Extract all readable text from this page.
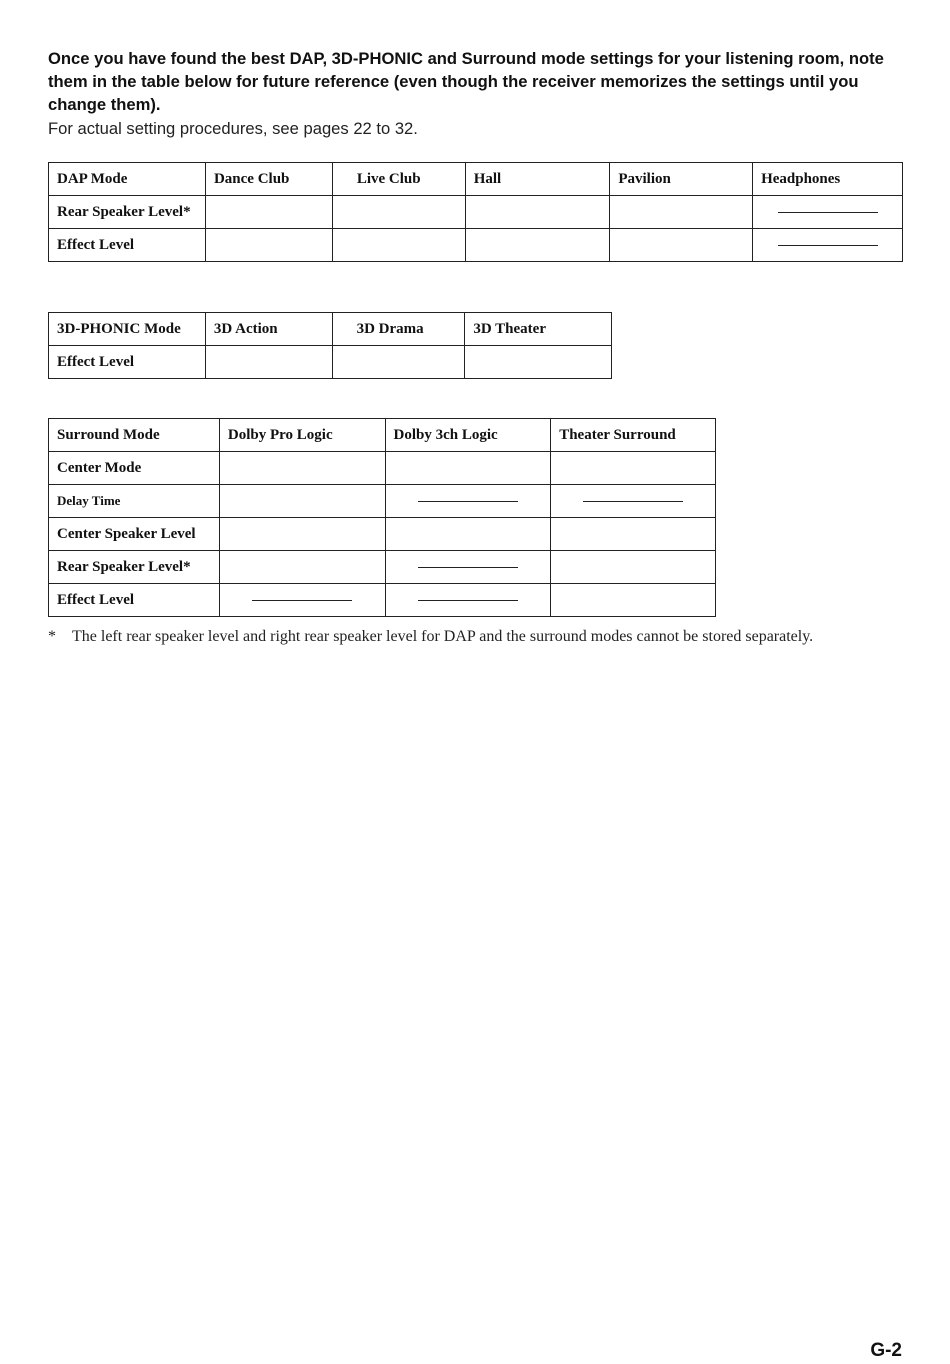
Once you have found the best DAP, 3D-PHONIC and Surround mode settings for your listening room, note them in the table below for future reference (even though the receiver memorizes the settings until you change them).

For actual setting procedures, see pages 22 to 32.

DAP Mode	Dance Club	Live Club	Hall	Pavilion	Headphones
Rear Speaker Level*					
Effect Level					
3D-PHONIC Mode	3D Action	3D Drama	3D Theater
Effect Level			
Surround Mode	Dolby Pro Logic	Dolby 3ch Logic	Theater Surround
Center Mode			
Delay Time			
Center Speaker Level			
Rear Speaker Level*			
Effect Level			

* The left rear speaker level and right rear speaker level for DAP and the surround modes cannot be stored separately.

G-2
